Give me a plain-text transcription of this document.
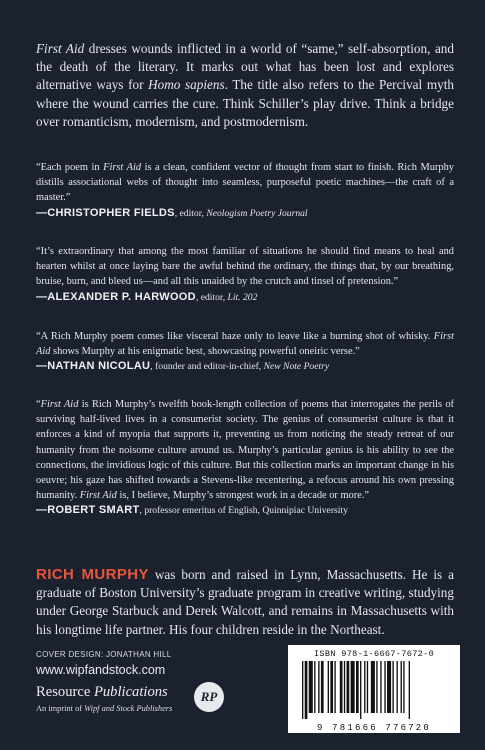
First Aid dresses wounds inflicted in a world of “same,” self-absorption, and the death of the literary. It marks out what has been lost and explores alternative ways for Homo sapiens. The title also refers to the Percival myth where the wound carries the cure. Think Schiller’s play drive. Think a bridge over romanticism, modernism, and postmodernism.

“Each poem in First Aid is a clean, confident vector of thought from start to finish. Rich Murphy distills associational webs of thought into seamless, purposeful poetic machines—the craft of a master.”

—CHRISTOPHER FIELDS, editor, Neologism Poetry Journal

“It’s extraordinary that among the most familiar of situations he should find means to heal and hearten whilst at once laying bare the awful behind the ordinary, the things that, by our breathing, bruise, burn, and bleed us—and all this unaided by the crutch and tinsel of pretension.”

—ALEXANDER P. HARWOOD, editor, Lit. 202

“A Rich Murphy poem comes like visceral haze only to leave like a burning shot of whisky. First Aid shows Murphy at his enigmatic best, showcasing powerful oneiric verse.”

—NATHAN NICOLAU, founder and editor-in-chief, New Note Poetry

“First Aid is Rich Murphy’s twelfth book-length collection of poems that interrogates the perils of surviving half-lived lives in a consumerist society. The genius of consumerist culture is that it enforces a kind of myopia that supports it, preventing us from noticing the steady retreat of our humanity from the noisome culture around us. Murphy’s particular genius is his ability to see the connections, the invidious logic of this culture. But this collection marks an important change in his oeuvre; his gaze has shifted towards a Stevens-like recentering, a refocus around his own pressing humanity. First Aid is, I believe, Murphy’s strongest work in a decade or more.”

—ROBERT SMART, professor emeritus of English, Quinnipiac University

RICH MURPHY was born and raised in Lynn, Massachusetts. He is a graduate of Boston University’s graduate program in creative writing, studying under George Starbuck and Derek Walcott, and remains in Massachusetts with his longtime life partner. His four children reside in the Northeast.

COVER DESIGN: JONATHAN HILL
www.wipfandstock.com
Resource Publications
An imprint of Wipf and Stock Publishers
RP
ISBN 978-1-6667-7672-0
9 781666 776720
